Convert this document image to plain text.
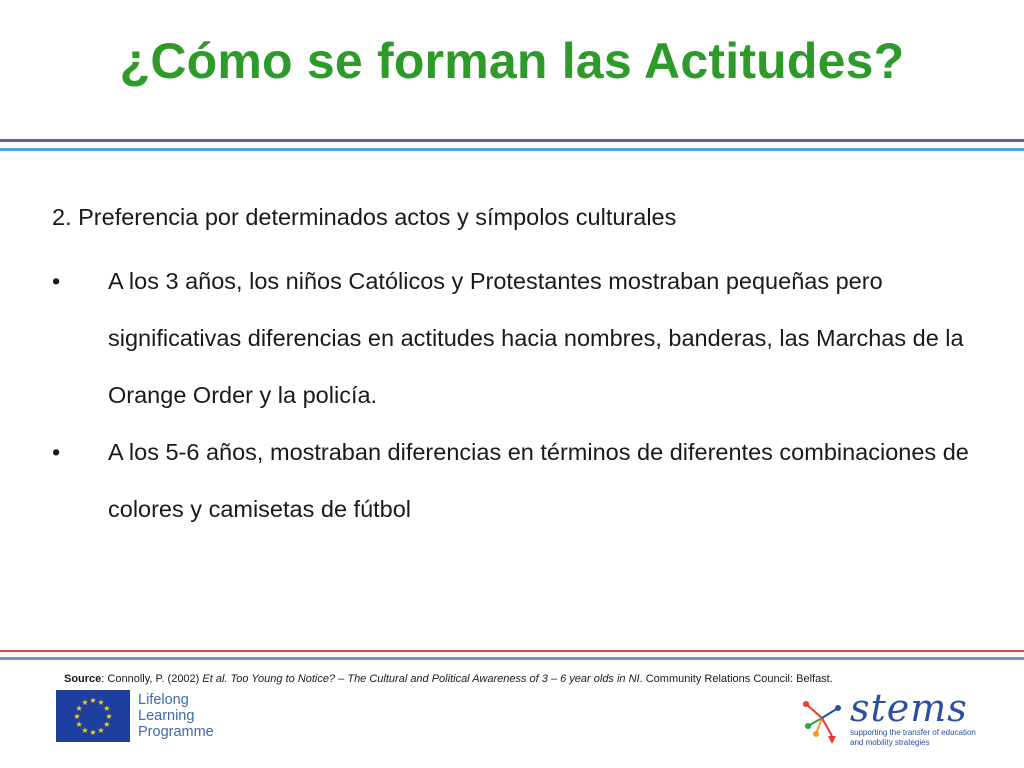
¿Cómo se forman las Actitudes?

2. Preferencia por determinados actos y símpolos culturales

• A los 3 años, los niños Católicos y Protestantes mostraban pequeñas pero significativas diferencias en actitudes hacia nombres, banderas, las Marchas de la Orange Order y la policía.
• A los 5-6 años, mostraban diferencias en términos de diferentes combinaciones de colores y camisetas de fútbol
Source: Connolly, P. (2002) Et al. Too Young to Notice? – The Cultural and Political Awareness of 3 – 6 year olds in NI. Community Relations Council: Belfast.
★ ★
★
★
★
★
★
★
★
★
★
★	Lifelong
Learning
Programme
stems
supporting the transfer of education
and mobility strategies
